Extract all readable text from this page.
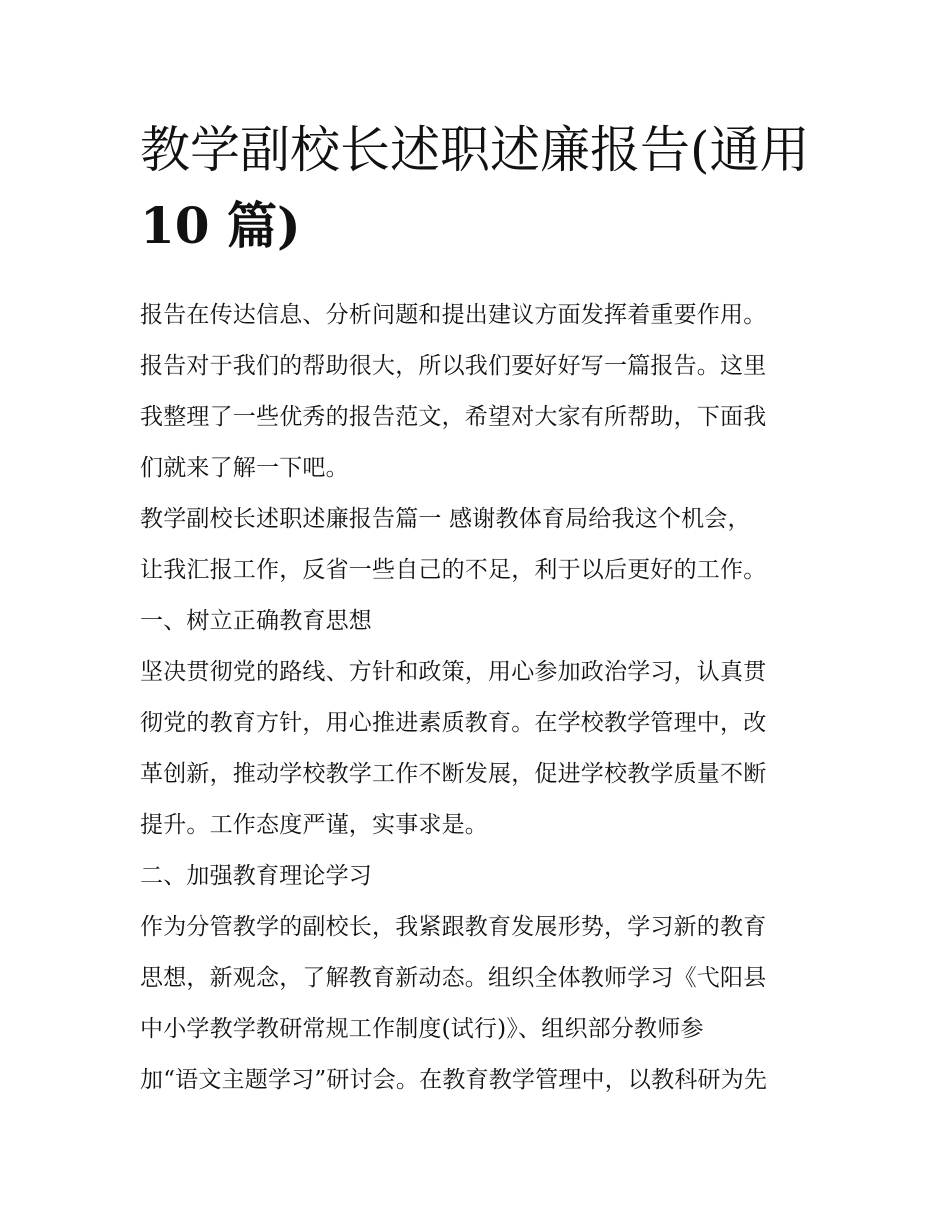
教学副校长述职述廉报告(通用
10 篇)
报告在传达信息、分析问题和提出建议方面发挥着重要作用。
报告对于我们的帮助很大，所以我们要好好写一篇报告。这里
我整理了一些优秀的报告范文，希望对大家有所帮助，下面我
们就来了解一下吧。
教学副校长述职述廉报告篇一 感谢教体育局给我这个机会，
让我汇报工作，反省一些自己的不足，利于以后更好的工作。
一、树立正确教育思想
坚决贯彻党的路线、方针和政策，用心参加政治学习，认真贯
彻党的教育方针，用心推进素质教育。在学校教学管理中，改
革创新，推动学校教学工作不断发展，促进学校教学质量不断
提升。工作态度严谨，实事求是。
二、加强教育理论学习
作为分管教学的副校长，我紧跟教育发展形势，学习新的教育
思想，新观念，了解教育新动态。组织全体教师学习《弋阳县
中小学教学教研常规工作制度(试行)》、组织部分教师参
加“语文主题学习”研讨会。在教育教学管理中，以教科研为先
